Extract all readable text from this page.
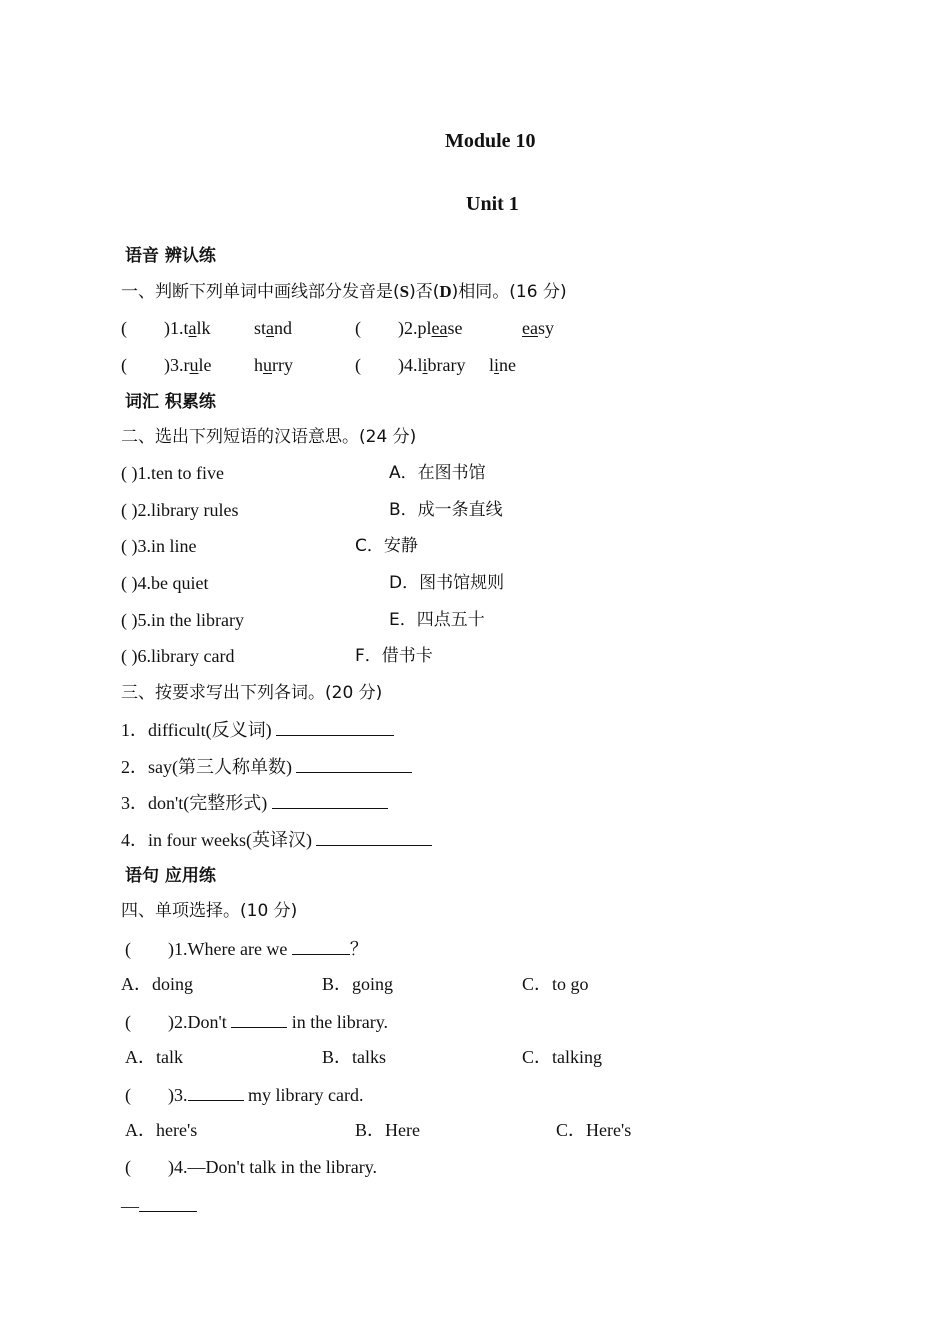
Module 10
Unit 1
语音 辨认练
一、判断下列单词中画线部分发音是(S)否(D)相同。(16 分)
( )1.talk stand	( )2.please	easy
( )3.rule hurry	( )4.library line
词汇 积累练
二、选出下列短语的汉语意思。(24 分)
( )1.ten to five	A．在图书馆
( )2.library rules	B．成一条直线
( )3.in line	C．安静
( )4.be quiet	D．图书馆规则
( )5.in the library	E．四点五十
( )6.library card	F．借书卡
三、按要求写出下列各词。(20 分)
1．difficult(反义词)
2．say(第三人称单数)
3．don't(完整形式)
4．in four weeks(英译汉)
语句 应用练
四、单项选择。(10 分)
( )1.Where are we	？
A．doing	B．going	C．to go
( )2.Don't	in the library.
A．talk	B．talks	C．talking
( )3.	my library card.
A．here's	B．Here	C．Here's
( )4.—Don't talk in the library.
—
